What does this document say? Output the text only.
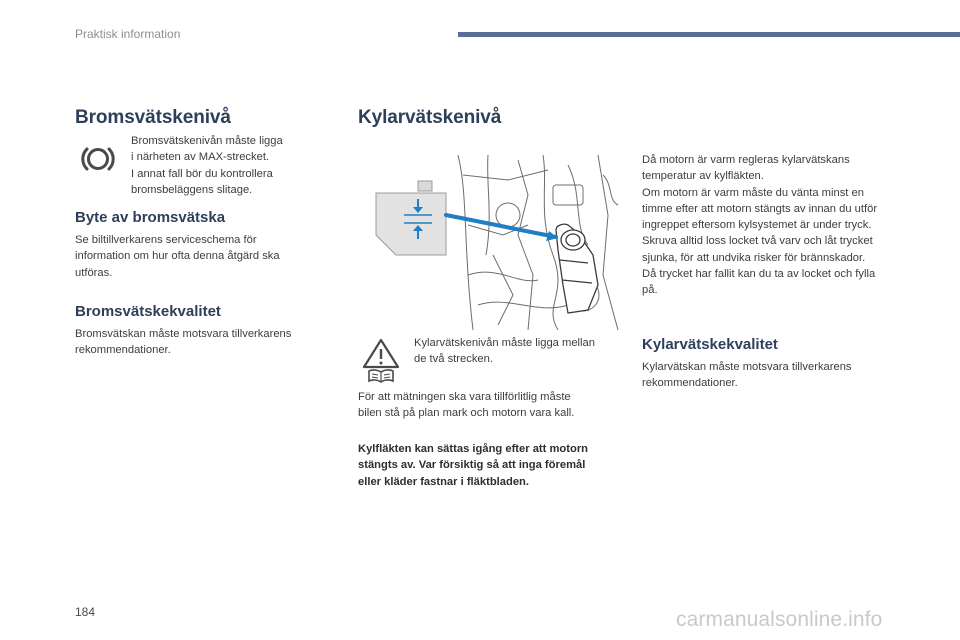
Praktisk information
Bromsvätskenivå

Bromsvätskenivån måste ligga

i närheten av MAX-strecket.

I annat fall bör du kontrollera

bromsbeläggens slitage.

Byte av bromsvätska

Se biltillverkarens serviceschema för

information om hur ofta denna åtgärd ska

utföras.

Bromsvätskekvalitet

Bromsvätskan måste motsvara tillverkarens

rekommendationer.

Kylarvätskenivå

Kylarvätskenivån måste ligga mellan

de två strecken.

För att mätningen ska vara tillförlitlig måste

bilen stå på plan mark och motorn vara kall.

Kylfläkten kan sättas igång efter att motorn

stängts av. Var försiktig så att inga föremål

eller kläder fastnar i fläktbladen.

Då motorn är varm regleras kylarvätskans

temperatur av kylfläkten.

Om motorn är varm måste du vänta minst en

timme efter att motorn stängts av innan du utför

ingreppet eftersom kylsystemet är under tryck.

Skruva alltid loss locket två varv och låt trycket

sjunka, för att undvika risker för brännskador.

Då trycket har fallit kan du ta av locket och fylla

på.

Kylarvätskekvalitet

Kylarvätskan måste motsvara tillverkarens

rekommendationer.

184	carmanualsonline.info
